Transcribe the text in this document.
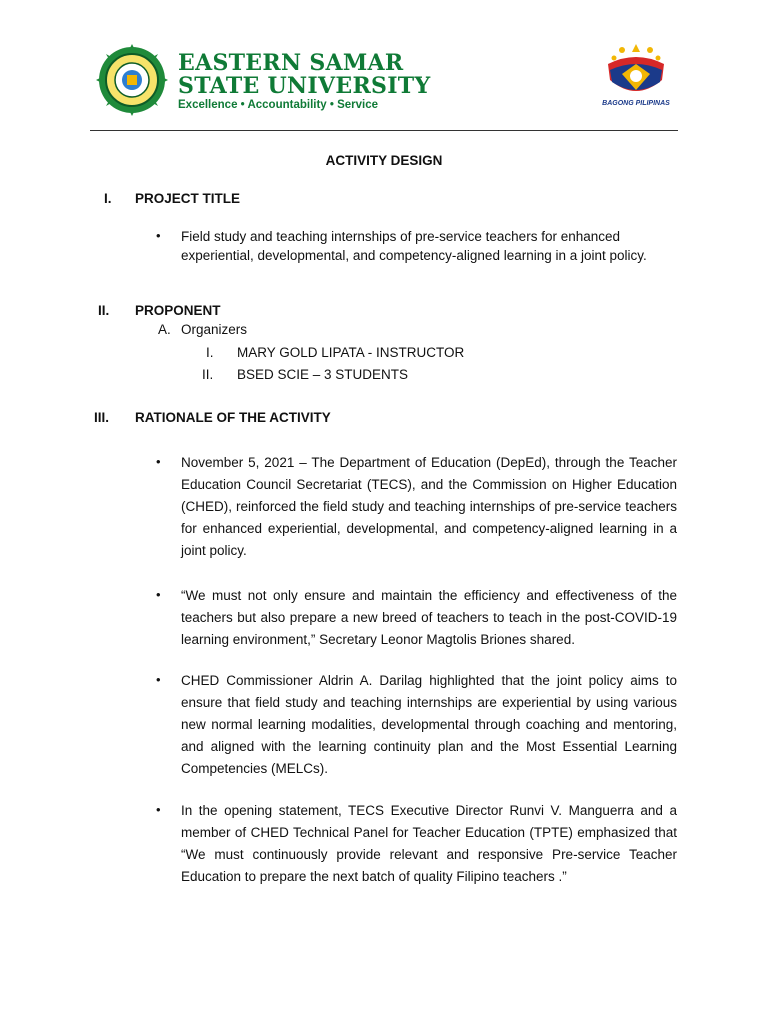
EASTERN SAMAR
STATE UNIVERSITY
Excellence • Accountability • Service	BAGONG PILIPINAS
ACTIVITY DESIGN
I. PROJECT TITLE
• Field study and teaching internships of pre-service teachers for enhanced experiential, developmental, and competency-aligned learning in a joint policy.
II. PROPONENT
A. Organizers
I. MARY GOLD LIPATA - INSTRUCTOR
II. BSED SCIE – 3 STUDENTS
III. RATIONALE OF THE ACTIVITY
• November 5, 2021 – The Department of Education (DepEd), through the Teacher Education Council Secretariat (TECS), and the Commission on Higher Education (CHED), reinforced the field study and teaching internships of pre-service teachers for enhanced experiential, developmental, and competency-aligned learning in a joint policy.
• “We must not only ensure and maintain the efficiency and effectiveness of the teachers but also prepare a new breed of teachers to teach in the post-COVID-19 learning environment,” Secretary Leonor Magtolis Briones shared.
• CHED Commissioner Aldrin A. Darilag highlighted that the joint policy aims to ensure that field study and teaching internships are experiential by using various new normal learning modalities, developmental through coaching and mentoring, and aligned with the learning continuity plan and the Most Essential Learning Competencies (MELCs).
• In the opening statement, TECS Executive Director Runvi V. Manguerra and a member of CHED Technical Panel for Teacher Education (TPTE) emphasized that “We must continuously provide relevant and responsive Pre-service Teacher Education to prepare the next batch of quality Filipino teachers .”
